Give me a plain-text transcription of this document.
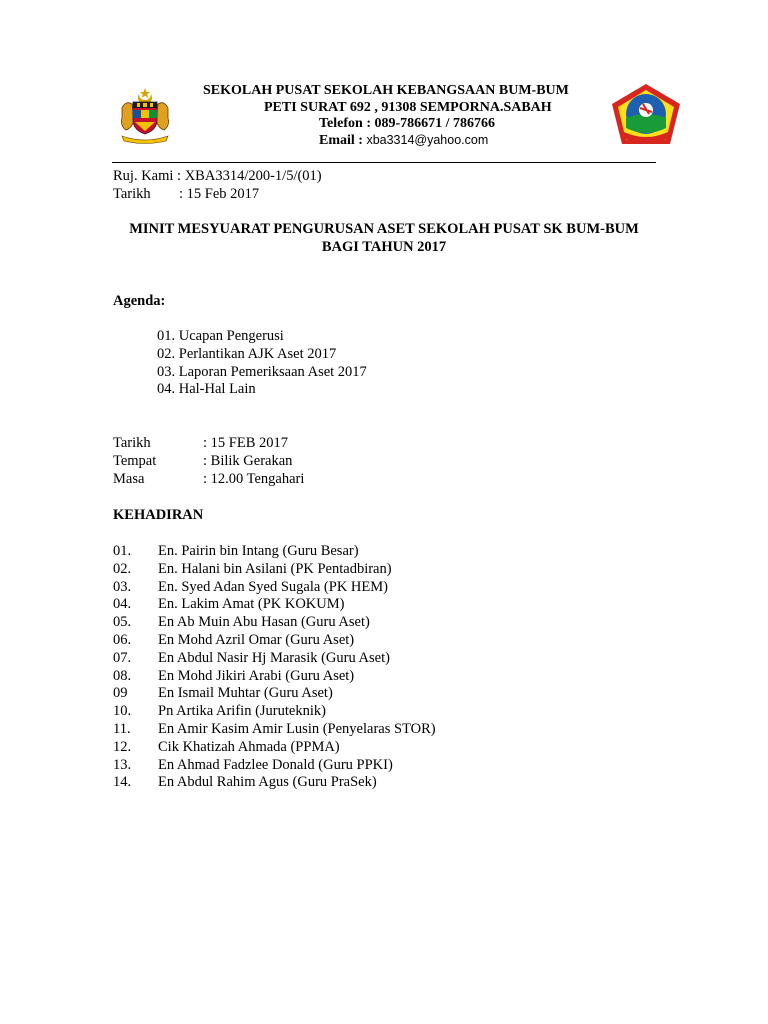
SEKOLAH PUSAT SEKOLAH KEBANGSAAN BUM-BUM
PETI SURAT 692 , 91308 SEMPORNA.SABAH
Telefon : 089-786671 / 786766
Email : xba3314@yahoo.com
Ruj. Kami : XBA3314/200-1/5/(01)
Tarikh : 15 Feb 2017
MINIT MESYUARAT PENGURUSAN ASET SEKOLAH PUSAT SK BUM-BUM
BAGI TAHUN 2017
Agenda:
01. Ucapan Pengerusi
02. Perlantikan AJK Aset 2017
03. Laporan Pemeriksaan Aset 2017
04. Hal-Hal Lain
Tarikh	: 15 FEB 2017
Tempat	: Bilik Gerakan
Masa	: 12.00 Tengahari
KEHADIRAN
01. En. Pairin bin Intang (Guru Besar)
02. En. Halani bin Asilani (PK Pentadbiran)
03. En. Syed Adan Syed Sugala (PK HEM)
04. En. Lakim Amat (PK KOKUM)
05. En Ab Muin Abu Hasan (Guru Aset)
06. En Mohd Azril Omar (Guru Aset)
07. En Abdul Nasir Hj Marasik (Guru Aset)
08. En Mohd Jikiri Arabi (Guru Aset)
09 En Ismail Muhtar (Guru Aset)
10. Pn Artika Arifin (Juruteknik)
11. En Amir Kasim Amir Lusin (Penyelaras STOR)
12. Cik Khatizah Ahmada (PPMA)
13. En Ahmad Fadzlee Donald (Guru PPKI)
14. En Abdul Rahim Agus (Guru PraSek)
